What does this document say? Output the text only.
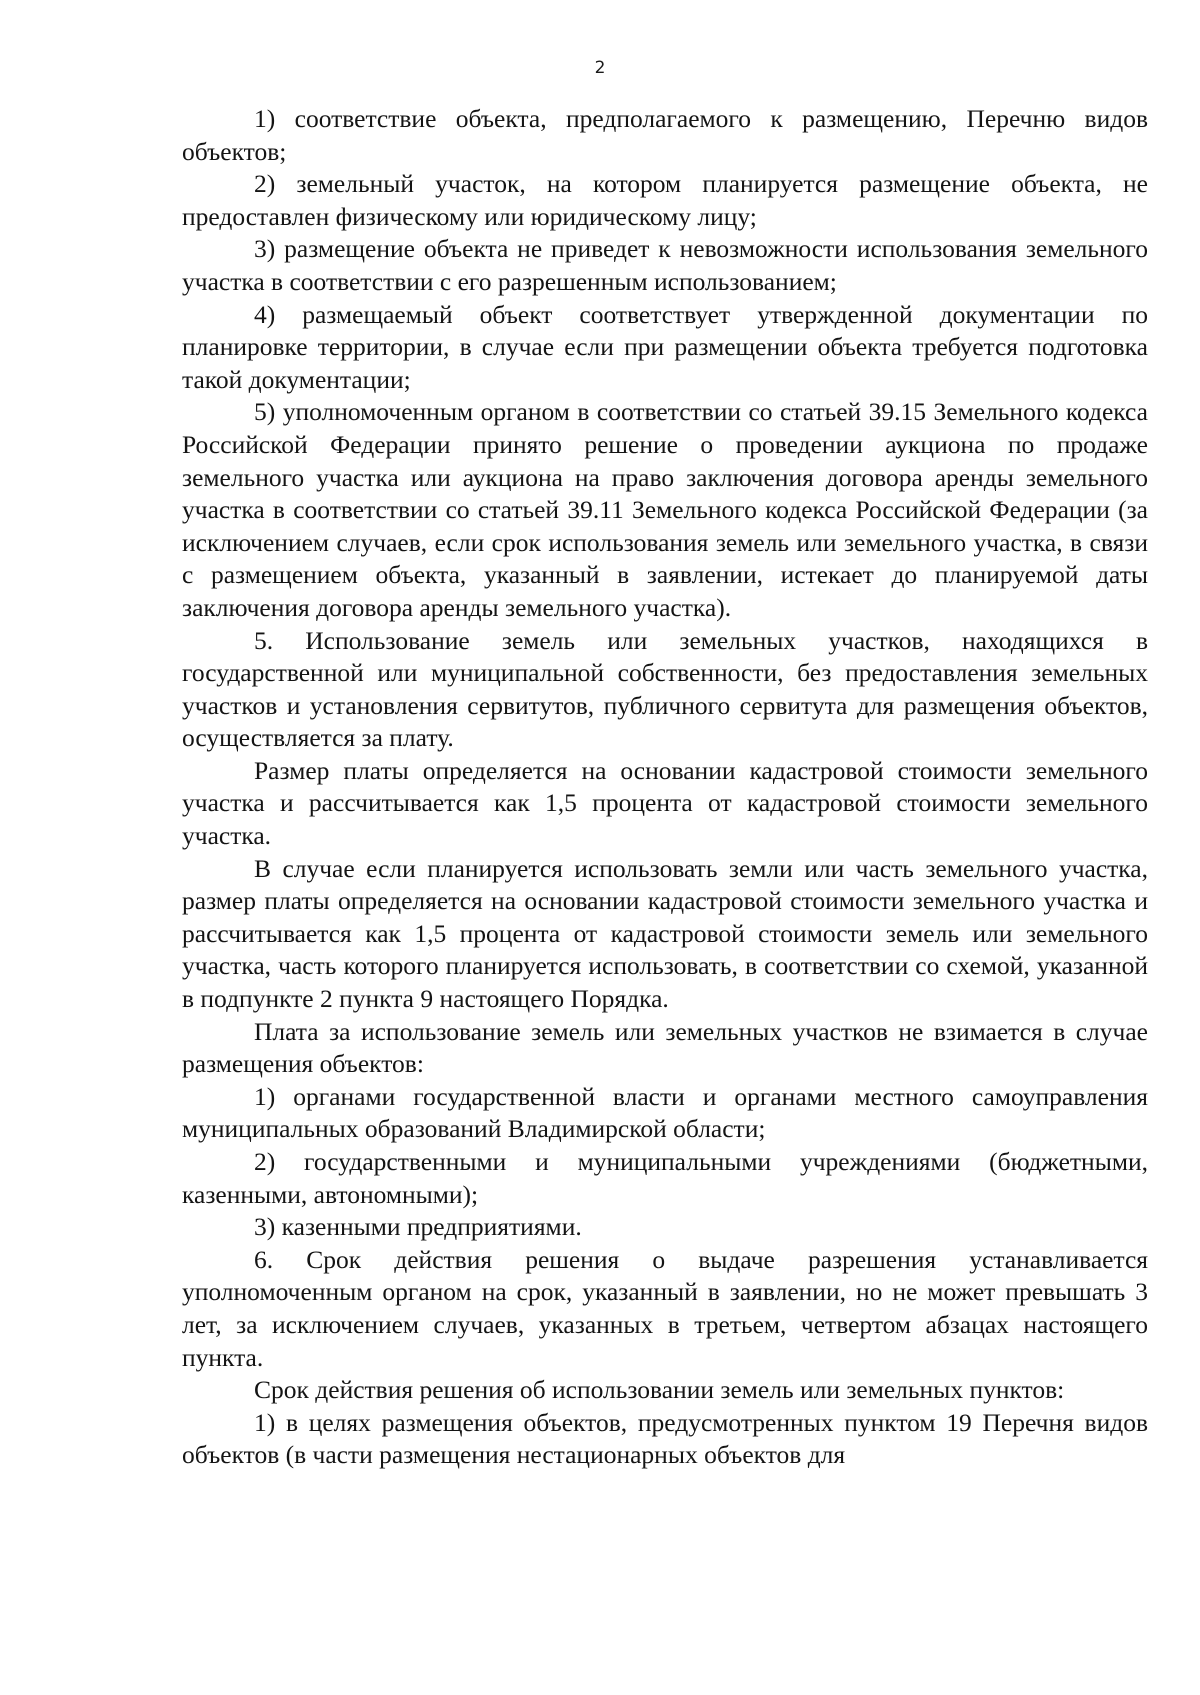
2

1) соответствие объекта, предполагаемого к размещению, Перечню видов объектов;

2) земельный участок, на котором планируется размещение объекта, не предоставлен физическому или юридическому лицу;

3) размещение объекта не приведет к невозможности использования земельного участка в соответствии с его разрешенным использованием;

4) размещаемый объект соответствует утвержденной документации по планировке территории, в случае если при размещении объекта требуется подготовка такой документации;

5) уполномоченным органом в соответствии со статьей 39.15 Земельного кодекса Российской Федерации принято решение о проведении аукциона по продаже земельного участка или аукциона на право заключения договора аренды земельного участка в соответствии со статьей 39.11 Земельного кодекса Российской Федерации (за исключением случаев, если срок использования земель или земельного участка, в связи с размещением объекта, указанный в заявлении, истекает до планируемой даты заключения договора аренды земельного участка).

5. Использование земель или земельных участков, находящихся в государственной или муниципальной собственности, без предоставления земельных участков и установления сервитутов, публичного сервитута для размещения объектов, осуществляется за плату.

Размер платы определяется на основании кадастровой стоимости земельного участка и рассчитывается как 1,5 процента от кадастровой стоимости земельного участка.

В случае если планируется использовать земли или часть земельного участка, размер платы определяется на основании кадастровой стоимости земельного участка и рассчитывается как 1,5 процента от кадастровой стоимости земель или земельного участка, часть которого планируется использовать, в соответствии со схемой, указанной в подпункте 2 пункта 9 настоящего Порядка.

Плата за использование земель или земельных участков не взимается в случае размещения объектов:

1) органами государственной власти и органами местного самоуправления муниципальных образований Владимирской области;

2) государственными и муниципальными учреждениями (бюджетными, казенными, автономными);

3) казенными предприятиями.

6. Срок действия решения о выдаче разрешения устанавливается уполномоченным органом на срок, указанный в заявлении, но не может превышать 3 лет, за исключением случаев, указанных в третьем, четвертом абзацах настоящего пункта.

Срок действия решения об использовании земель или земельных пунктов:

1) в целях размещения объектов, предусмотренных пунктом 19 Перечня видов объектов (в части размещения нестационарных объектов для
